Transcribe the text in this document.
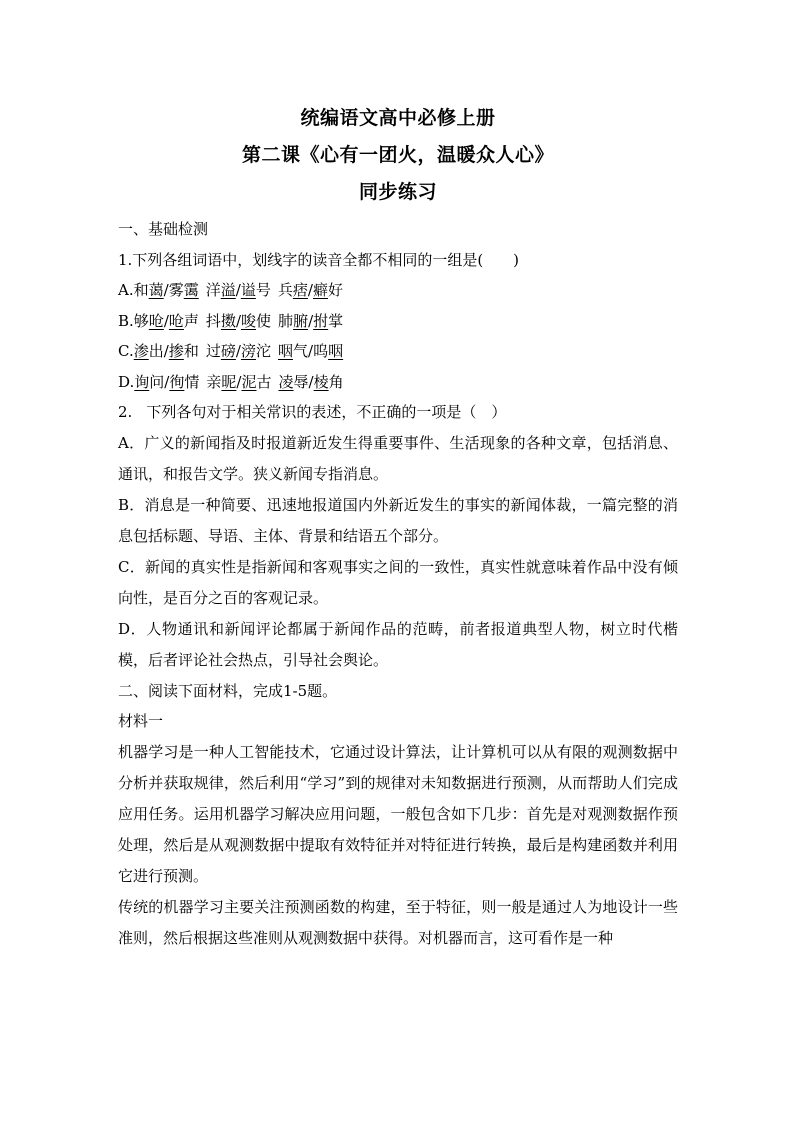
统编语文高中必修上册

第二课《心有一团火，温暖众人心》

同步练习

一、基础检测

1.下列各组词语中，划线字的读音全都不相同的一组是(　　)

A.和蔼/雾霭 洋溢/谥号 兵痞/癖好

B.够呛/呛声 抖擞/唆使 肺腑/拊掌

C.渗出/掺和 过磅/滂沱 咽气/呜咽

D.询问/徇情 亲昵/泥古 凌辱/棱角

2. 下列各句对于相关常识的表述，不正确的一项是（　）

A．广义的新闻指及时报道新近发生得重要事件、生活现象的各种文章，包括消息、通讯，和报告文学。狭义新闻专指消息。

B．消息是一种简要、迅速地报道国内外新近发生的事实的新闻体裁，一篇完整的消息包括标题、导语、主体、背景和结语五个部分。

C．新闻的真实性是指新闻和客观事实之间的一致性，真实性就意味着作品中没有倾向性，是百分之百的客观记录。

D．人物通讯和新闻评论都属于新闻作品的范畴，前者报道典型人物，树立时代楷模，后者评论社会热点，引导社会舆论。

二、阅读下面材料，完成1-5题。

材料一

机器学习是一种人工智能技术，它通过设计算法，让计算机可以从有限的观测数据中分析并获取规律，然后利用“学习”到的规律对未知数据进行预测，从而帮助人们完成应用任务。运用机器学习解决应用问题，一般包含如下几步：首先是对观测数据作预处理，然后是从观测数据中提取有效特征并对特征进行转换，最后是构建函数并利用它进行预测。

传统的机器学习主要关注预测函数的构建，至于特征，则一般是通过人为地设计一些准则，然后根据这些准则从观测数据中获得。对机器而言，这可看作是一种
